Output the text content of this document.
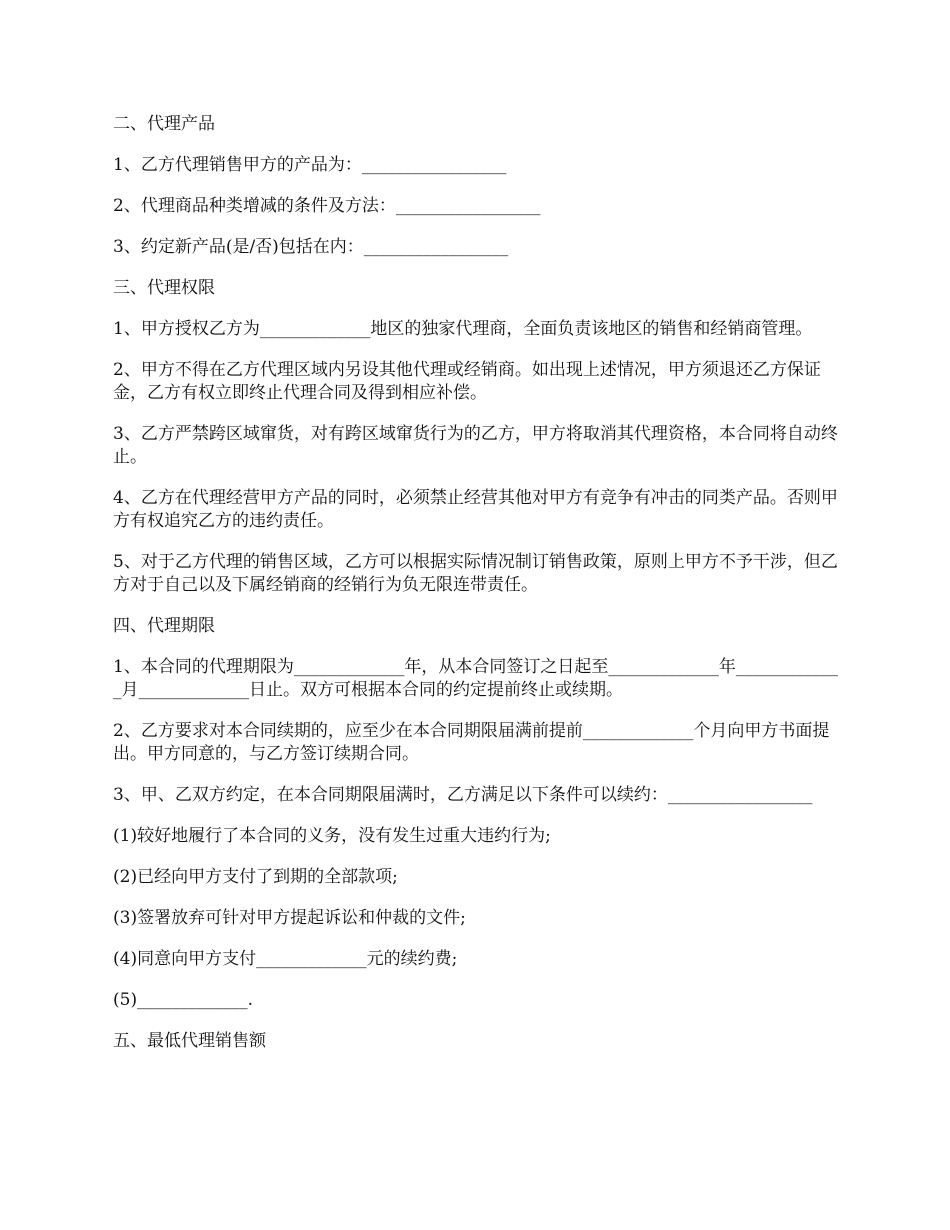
二、代理产品

1、乙方代理销售甲方的产品为：_________________

2、代理商品种类增减的条件及方法：_________________

3、约定新产品(是/否)包括在内：_________________

三、代理权限

1、甲方授权乙方为_____________地区的独家代理商，全面负责该地区的销售和经销商管理。

2、甲方不得在乙方代理区域内另设其他代理或经销商。如出现上述情况，甲方须退还乙方保证金，乙方有权立即终止代理合同及得到相应补偿。

3、乙方严禁跨区域窜货，对有跨区域窜货行为的乙方，甲方将取消其代理资格，本合同将自动终止。

4、乙方在代理经营甲方产品的同时，必须禁止经营其他对甲方有竞争有冲击的同类产品。否则甲方有权追究乙方的违约责任。

5、对于乙方代理的销售区域，乙方可以根据实际情况制订销售政策，原则上甲方不予干涉，但乙方对于自己以及下属经销商的经销行为负无限连带责任。

四、代理期限

1、本合同的代理期限为_____________年，从本合同签订之日起至_____________年_____________月_____________日止。双方可根据本合同的约定提前终止或续期。

2、乙方要求对本合同续期的，应至少在本合同期限届满前提前_____________个月向甲方书面提出。甲方同意的，与乙方签订续期合同。

3、甲、乙双方约定，在本合同期限届满时，乙方满足以下条件可以续约：_________________

(1)较好地履行了本合同的义务，没有发生过重大违约行为;

(2)已经向甲方支付了到期的全部款项;

(3)签署放弃可针对甲方提起诉讼和仲裁的文件;

(4)同意向甲方支付_____________元的续约费;

(5)_____________.

五、最低代理销售额
